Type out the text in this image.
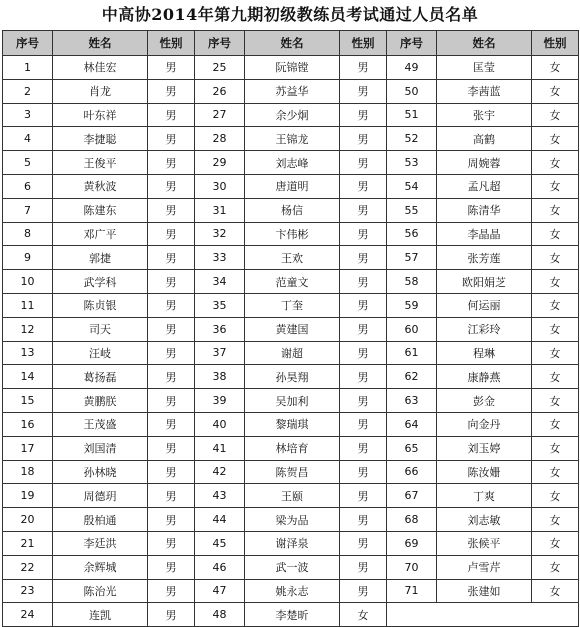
中高协2014年第九期初级教练员考试通过人员名单
序号	姓名	性别	序号	姓名	性别	序号	姓名	性别
1	林佳宏	男	25	阮锦镗	男	49	匡莹	女
2	肖龙	男	26	苏益华	男	50	李茜蓝	女
3	叶东祥	男	27	余少炯	男	51	张宇	女
4	李捷聪	男	28	王锦龙	男	52	高鹤	女
5	王俊平	男	29	刘志峰	男	53	周婉蓉	女
6	黄秋波	男	30	唐道明	男	54	孟凡超	女
7	陈建东	男	31	杨信	男	55	陈清华	女
8	邓广平	男	32	卞伟彬	男	56	李晶晶	女
9	郭捷	男	33	王欢	男	57	张芳莲	女
10	武学科	男	34	范童文	男	58	欧阳娟芝	女
11	陈贞银	男	35	丁奎	男	59	何运丽	女
12	司天	男	36	黄建国	男	60	江彩玲	女
13	汪岐	男	37	谢超	男	61	程琳	女
14	葛扬磊	男	38	孙昊翔	男	62	康静燕	女
15	黄鹏朕	男	39	吴加利	男	63	彭金	女
16	王茂盛	男	40	黎瑞琪	男	64	向金丹	女
17	刘国清	男	41	林培育	男	65	刘玉婷	女
18	孙林晓	男	42	陈贺昌	男	66	陈汝姗	女
19	周德玥	男	43	王颐	男	67	丁爽	女
20	殷柏通	男	44	梁为品	男	68	刘志敏	女
21	李廷洪	男	45	谢泽泉	男	69	张候平	女
22	余辉城	男	46	武一波	男	70	卢雪芹	女
23	陈治光	男	47	姚永志	男	71	张建如	女
24	连凯	男	48	李楚昕	女			
